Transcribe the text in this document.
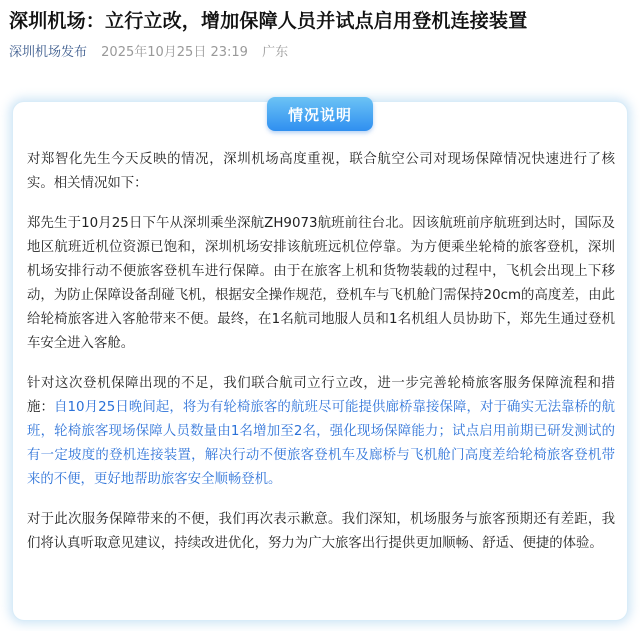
深圳机场：立行立改，增加保障人员并试点启用登机连接装置
深圳机场发布 2025年10月25日 23:19 广东
情况说明

对郑智化先生今天反映的情况，深圳机场高度重视，联合航空公司对现场保障情况快速进行了核实。相关情况如下：

郑先生于10月25日下午从深圳乘坐深航ZH9073航班前往台北。因该航班前序航班到达时，国际及地区航班近机位资源已饱和，深圳机场安排该航班远机位停靠。为方便乘坐轮椅的旅客登机，深圳机场安排行动不便旅客登机车进行保障。由于在旅客上机和货物装载的过程中，飞机会出现上下移动，为防止保障设备刮碰飞机，根据安全操作规范，登机车与飞机舱门需保持20cm的高度差，由此给轮椅旅客进入客舱带来不便。最终，在1名航司地服人员和1名机组人员协助下，郑先生通过登机车安全进入客舱。

针对这次登机保障出现的不足，我们联合航司立行立改，进一步完善轮椅旅客服务保障流程和措施：自10月25日晚间起，将为有轮椅旅客的航班尽可能提供廊桥靠接保障，对于确实无法靠桥的航班，轮椅旅客现场保障人员数量由1名增加至2名，强化现场保障能力；试点启用前期已研发测试的有一定坡度的登机连接装置，解决行动不便旅客登机车及廊桥与飞机舱门高度差给轮椅旅客登机带来的不便，更好地帮助旅客安全顺畅登机。

对于此次服务保障带来的不便，我们再次表示歉意。我们深知，机场服务与旅客预期还有差距，我们将认真听取意见建议，持续改进优化，努力为广大旅客出行提供更加顺畅、舒适、便捷的体验。
